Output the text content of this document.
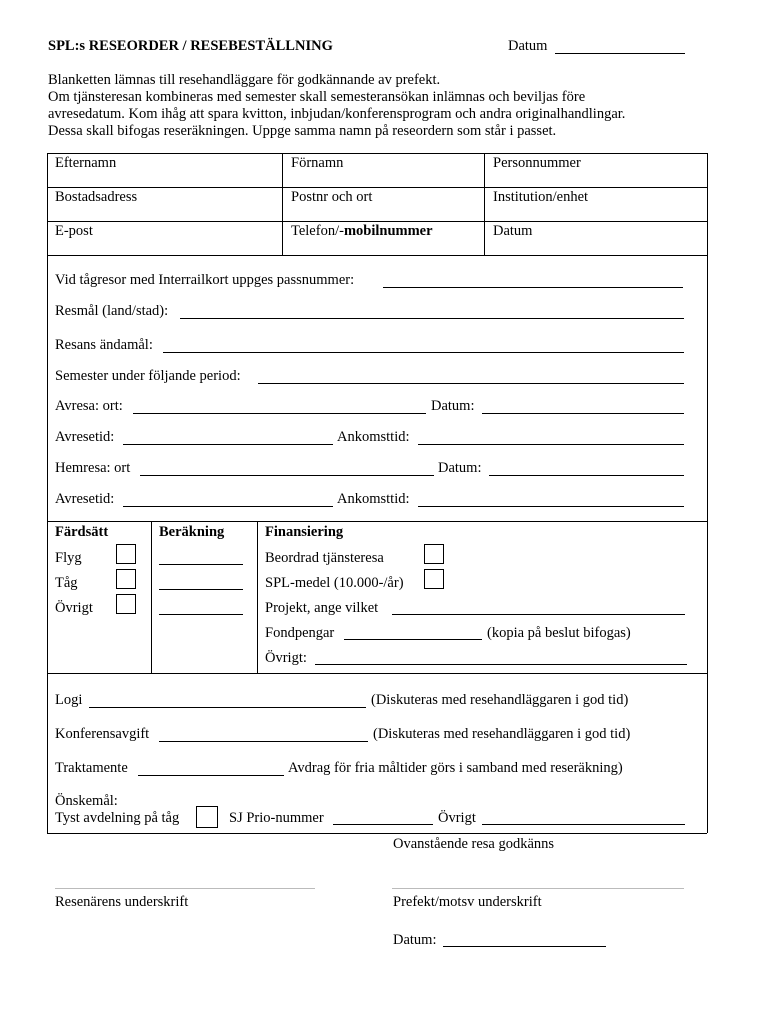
SPL:s RESEORDER / RESEBESTÄLLNING	Datum
Blanketten lämnas till resehandläggare för godkännande av prefekt.
Om tjänsteresan kombineras med semester skall semesteransökan inlämnas och beviljas före
avresedatum. Kom ihåg att spara kvitton, inbjudan/konferensprogram och andra originalhandlingar.
Dessa skall bifogas reseräkningen. Uppge samma namn på reseordern som står i passet.
Efternamn	Förnamn	Personnummer
Bostadsadress	Postnr och ort	Institution/enhet
E-post	Telefon/-mobilnummer	Datum
Vid tågresor med Interrailkort uppges passnummer:
Resmål (land/stad):
Resans ändamål:
Semester under följande period:
Avresa: ort:	Datum:
Avresetid:	Ankomsttid:
Hemresa: ort	Datum:
Avresetid:	Ankomsttid:
Färdsätt	Beräkning	Finansiering
Flyg
Tåg
Övrigt
Beordrad tjänsteresa
SPL-medel (10.000-/år)
Projekt, ange vilket
Fondpengar	(kopia på beslut bifogas)
Övrigt:
Logi	(Diskuteras med resehandläggaren i god tid)
Konferensavgift	(Diskuteras med resehandläggaren i god tid)
Traktamente	Avdrag för fria måltider görs i samband med reseräkning)
Önskemål:
Tyst avdelning på tåg	SJ Prio-nummer	Övrigt
Ovanstående resa godkänns
Resenärens underskrift	Prefekt/motsv underskrift
Datum:
